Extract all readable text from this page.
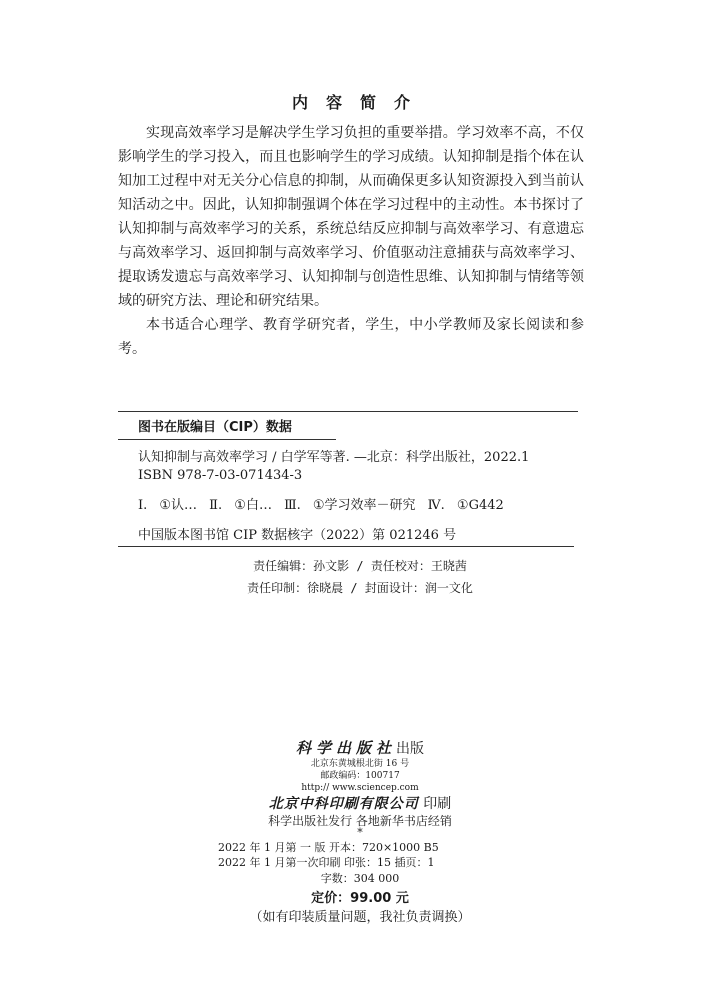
内容简介

实现高效率学习是解决学生学习负担的重要举措。学习效率不高，不仅影响学生的学习投入，而且也影响学生的学习成绩。认知抑制是指个体在认知加工过程中对无关分心信息的抑制，从而确保更多认知资源投入到当前认知活动之中。因此，认知抑制强调个体在学习过程中的主动性。本书探讨了认知抑制与高效率学习的关系，系统总结反应抑制与高效率学习、有意遗忘与高效率学习、返回抑制与高效率学习、价值驱动注意捕获与高效率学习、提取诱发遗忘与高效率学习、认知抑制与创造性思维、认知抑制与情绪等领域的研究方法、理论和研究结果。

本书适合心理学、教育学研究者，学生，中小学教师及家长阅读和参考。

图书在版编目（CIP）数据
认知抑制与高效率学习 / 白学军等著. —北京：科学出版社，2022.1
ISBN 978-7-03-071434-3
Ⅰ. ①认… Ⅱ. ①白… Ⅲ. ①学习效率－研究 Ⅳ. ①G442
中国版本图书馆 CIP 数据核字（2022）第 021246 号
责任编辑：孙文影 / 责任校对：王晓茜
责任印制：徐晓晨 / 封面设计：润一文化
科学出版社出版
北京东黄城根北街 16 号
邮政编码：100717
http:// www.sciencep.com
北京中科印刷有限公司 印刷
科学出版社发行 各地新华书店经销
*
2022 年 1 月第 一 版 开本：720×1000 B5
2022 年 1 月第一次印刷 印张：15 插页：1
字数：304 000
定价：99.00 元
（如有印装质量问题，我社负责调换）
